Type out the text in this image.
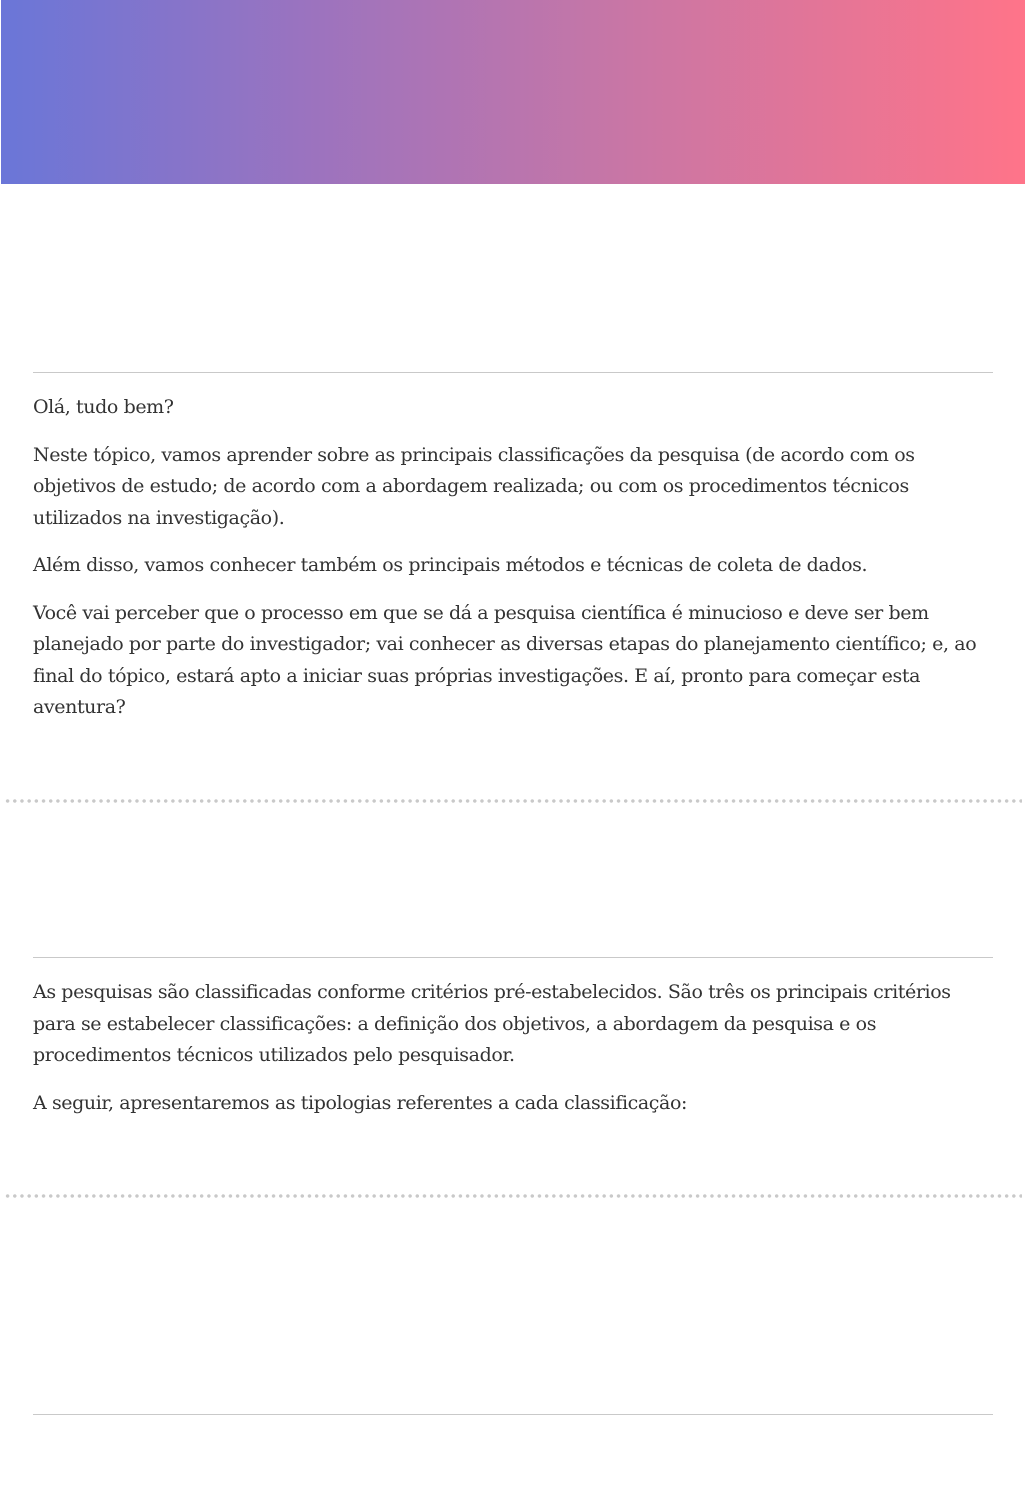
Olá, tudo bem?

Neste tópico, vamos aprender sobre as principais classificações da pesquisa (de acordo com os objetivos de estudo; de acordo com a abordagem realizada; ou com os procedimentos técnicos utilizados na investigação).

Além disso, vamos conhecer também os principais métodos e técnicas de coleta de dados.

Você vai perceber que o processo em que se dá a pesquisa científica é minucioso e deve ser bem planejado por parte do investigador; vai conhecer as diversas etapas do planejamento científico; e, ao final do tópico, estará apto a iniciar suas próprias investigações. E aí, pronto para começar esta aventura?

As pesquisas são classificadas conforme critérios pré-estabelecidos. São três os principais critérios para se estabelecer classificações: a definição dos objetivos, a abordagem da pesquisa e os procedimentos técnicos utilizados pelo pesquisador.

A seguir, apresentaremos as tipologias referentes a cada classificação:
